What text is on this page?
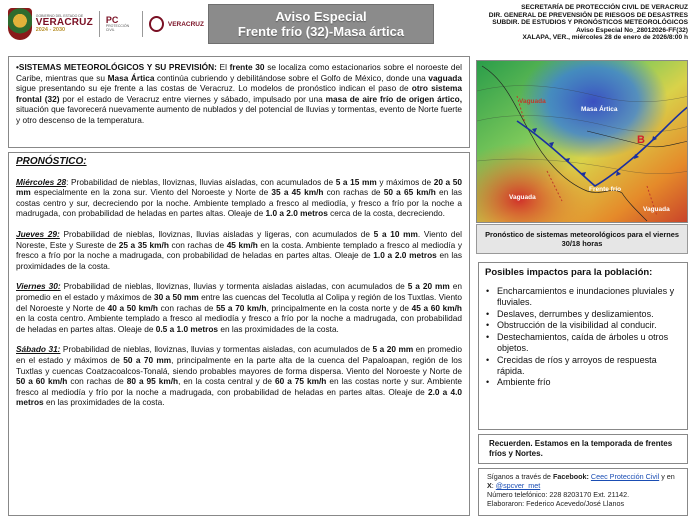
GOBIERNO DEL ESTADO DE
VERACRUZ
2024 - 2030
PC
PROTECCIÓN CIVIL
VERACRUZ	Aviso Especial
Frente frío (32)-Masa ártica
SECRETARÍA DE PROTECCIÓN CIVIL DE VERACRUZ
DIR. GENERAL DE PREVENSIÓN DE RIESGOS DE DESASTRES
SUBDIR. DE ESTUDIOS Y PRONÓSTICOS METEOROLÓGICOS
Aviso Especial No_28012026-FF(32)
XALAPA, VER., miércoles 28 de enero de 2026/8:00 h
•SISTEMAS METEOROLÓGICOS Y SU PREVISIÓN: El frente 30 se localiza como estacionarios sobre el noroeste del Caribe, mientras que su Masa Ártica continúa cubriendo y debilitándose sobre el Golfo de México, donde una vaguada sigue presentando su eje frente a las costas de Veracruz. Lo modelos de pronóstico indican el paso de otro sistema frontal (32) por el estado de Veracruz entre viernes y sábado, impulsado por una masa de aire frío de origen ártico, situación que favorecerá nuevamente aumento de nublados y del potencial de lluvias y tormentas, evento de Norte fuerte y otro descenso de la temperatura.
PRONÓSTICO:
Miércoles 28: Probabilidad de nieblas, lloviznas, lluvias aisladas, con acumulados de 5 a 15 mm y máximos de 20 a 50 mm especialmente en la zona sur. Viento del Noroeste y Norte de 35 a 45 km/h con rachas de 50 a 65 km/h en las costas centro y sur, decreciendo por la noche. Ambiente templado a fresco al mediodía, y fresco a frío por la noche a madrugada, con probabilidad de heladas en partes altas. Oleaje de 1.0 a 2.0 metros cerca de la costa, decreciendo.
Jueves 29: Probabilidad de nieblas, lloviznas, lluvias aisladas y ligeras, con acumulados de 5 a 10 mm. Viento del Noreste, Este y Sureste de 25 a 35 km/h con rachas de 45 km/h en la costa. Ambiente templado a fresco al mediodía y fresco a frío por la noche a madrugada, con probabilidad de heladas en partes altas. Oleaje de 1.0 a 2.0 metros en las proximidades de la costa.
Viernes 30: Probabilidad de nieblas, lloviznas, lluvias y tormenta aisladas aisladas, con acumulados de 5 a 20 mm en promedio en el estado y máximos de 30 a 50 mm entre las cuencas del Tecolutla al Colipa y región de los Tuxtlas. Viento del Noroeste y Norte de 40 a 50 km/h con rachas de 55 a 70 km/h, principalmente en la costa norte y de 45 a 60 km/h en la costa centro. Ambiente templado a fresco al mediodía y fresco a frío por la noche a madrugada, con probabilidad de heladas en partes altas. Oleaje de 0.5 a 1.0 metros en las proximidades de la costa.
Sábado 31: Probabilidad de nieblas, lloviznas, lluvias y tormentas aisladas, con acumulados de 5 a 20 mm en promedio en el estado y máximos de 50 a 70 mm, principalmente en la parte alta de la cuenca del Papaloapan, región de los Tuxtlas y cuencas Coatzacoalcos-Tonalá, siendo probables mayores de forma dispersa. Viento del Noroeste y Norte de 50 a 60 km/h con rachas de 80 a 95 km/h, en la costa central y de 60 a 75 km/h en las costas norte y sur. Ambiente fresco al mediodía y frío por la noche a madrugada, con probabilidad de heladas en partes altas. Oleaje de 2.0 a 4.0 metros en las proximidades de la costa.
Vaguada
Masa Ártica
Frente frío
Vaguada
Vaguada
B
Pronóstico de sistemas meteorológicos para el viernes 30/18 horas
Posibles impactos para la población:
• Encharcamientos e inundaciones pluviales y fluviales.
• Deslaves, derrumbes y deslizamientos.
• Obstrucción de la visibilidad al conducir.
• Destechamientos, caída de árboles u otros objetos.
• Crecidas de ríos y arroyos de respuesta rápida.
• Ambiente frío
Recuerden. Estamos en la temporada de frentes fríos y Nortes.
Síganos a través de Facebook: Ceec Protección Civil y en X: @spcver_met
Número telefónico: 228 8203170 Ext. 21142.
Elaboraron: Federico Acevedo/José Llanos
